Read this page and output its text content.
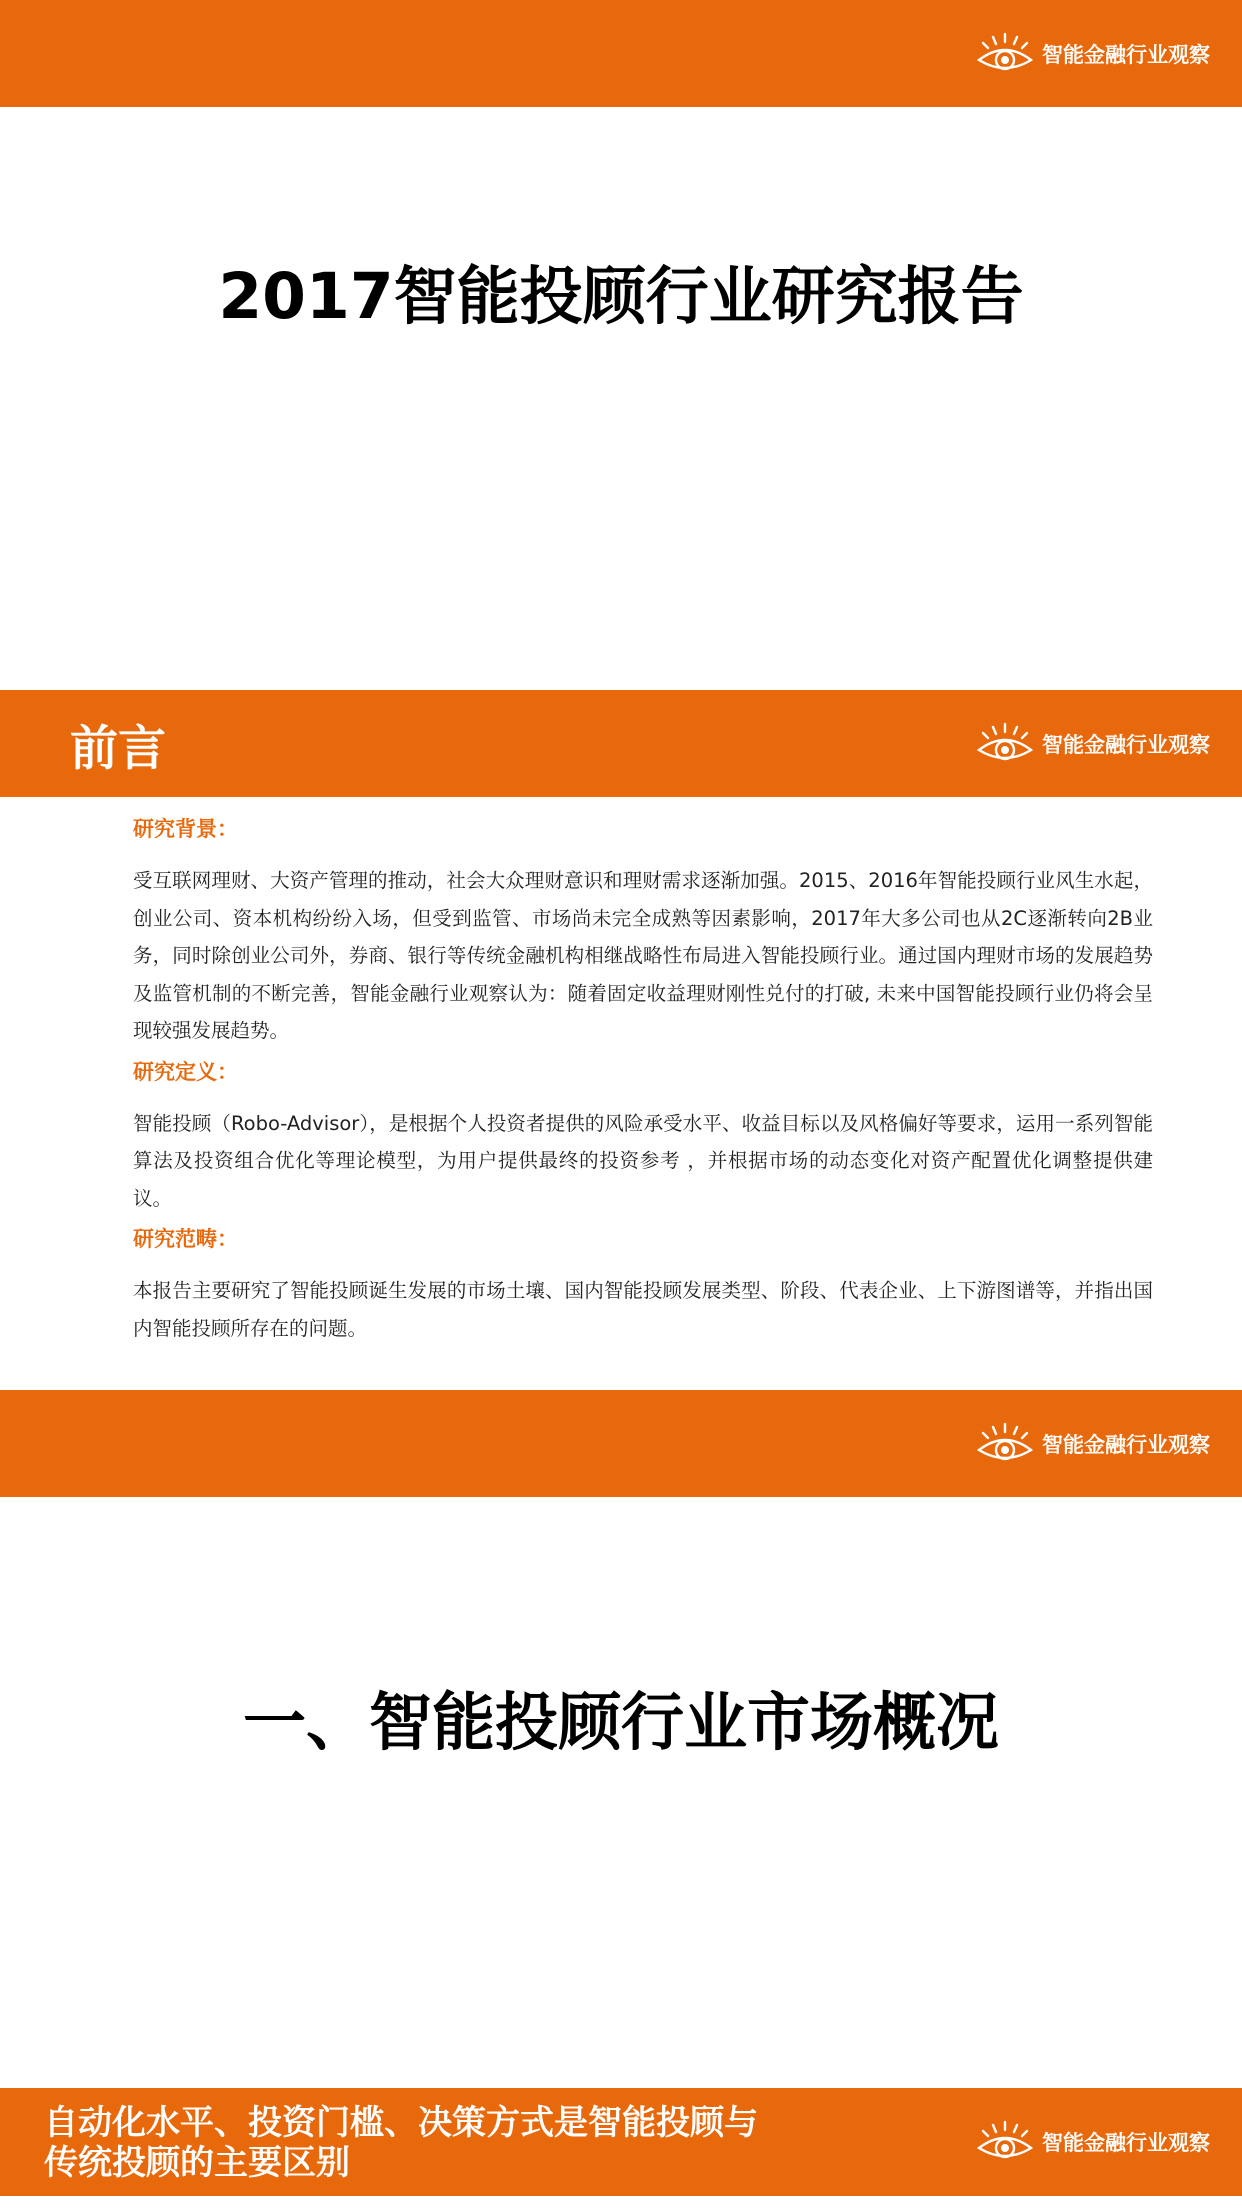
智能金融行业观察
2017智能投顾行业研究报告
前言	智能金融行业观察
研究背景：
受互联网理财、大资产管理的推动，社会大众理财意识和理财需求逐渐加强。2015、2016年智能投顾行业风生水起，创业公司、资本机构纷纷入场，但受到监管、市场尚未完全成熟等因素影响，2017年大多公司也从2C逐渐转向2B业务，同时除创业公司外，券商、银行等传统金融机构相继战略性布局进入智能投顾行业。通过国内理财市场的发展趋势及监管机制的不断完善，智能金融行业观察认为：随着固定收益理财刚性兑付的打破, 未来中国智能投顾行业仍将会呈现较强发展趋势。
研究定义：
智能投顾（Robo-Advisor），是根据个人投资者提供的风险承受水平、收益目标以及风格偏好等要求，运用一系列智能算法及投资组合优化等理论模型，为用户提供最终的投资参考 ，并根据市场的动态变化对资产配置优化调整提供建议。
研究范畴：
本报告主要研究了智能投顾诞生发展的市场土壤、国内智能投顾发展类型、阶段、代表企业、上下游图谱等，并指出国内智能投顾所存在的问题。
智能金融行业观察
一、智能投顾行业市场概况
自动化水平、投资门槛、决策方式是智能投顾与
传统投顾的主要区别	智能金融行业观察
